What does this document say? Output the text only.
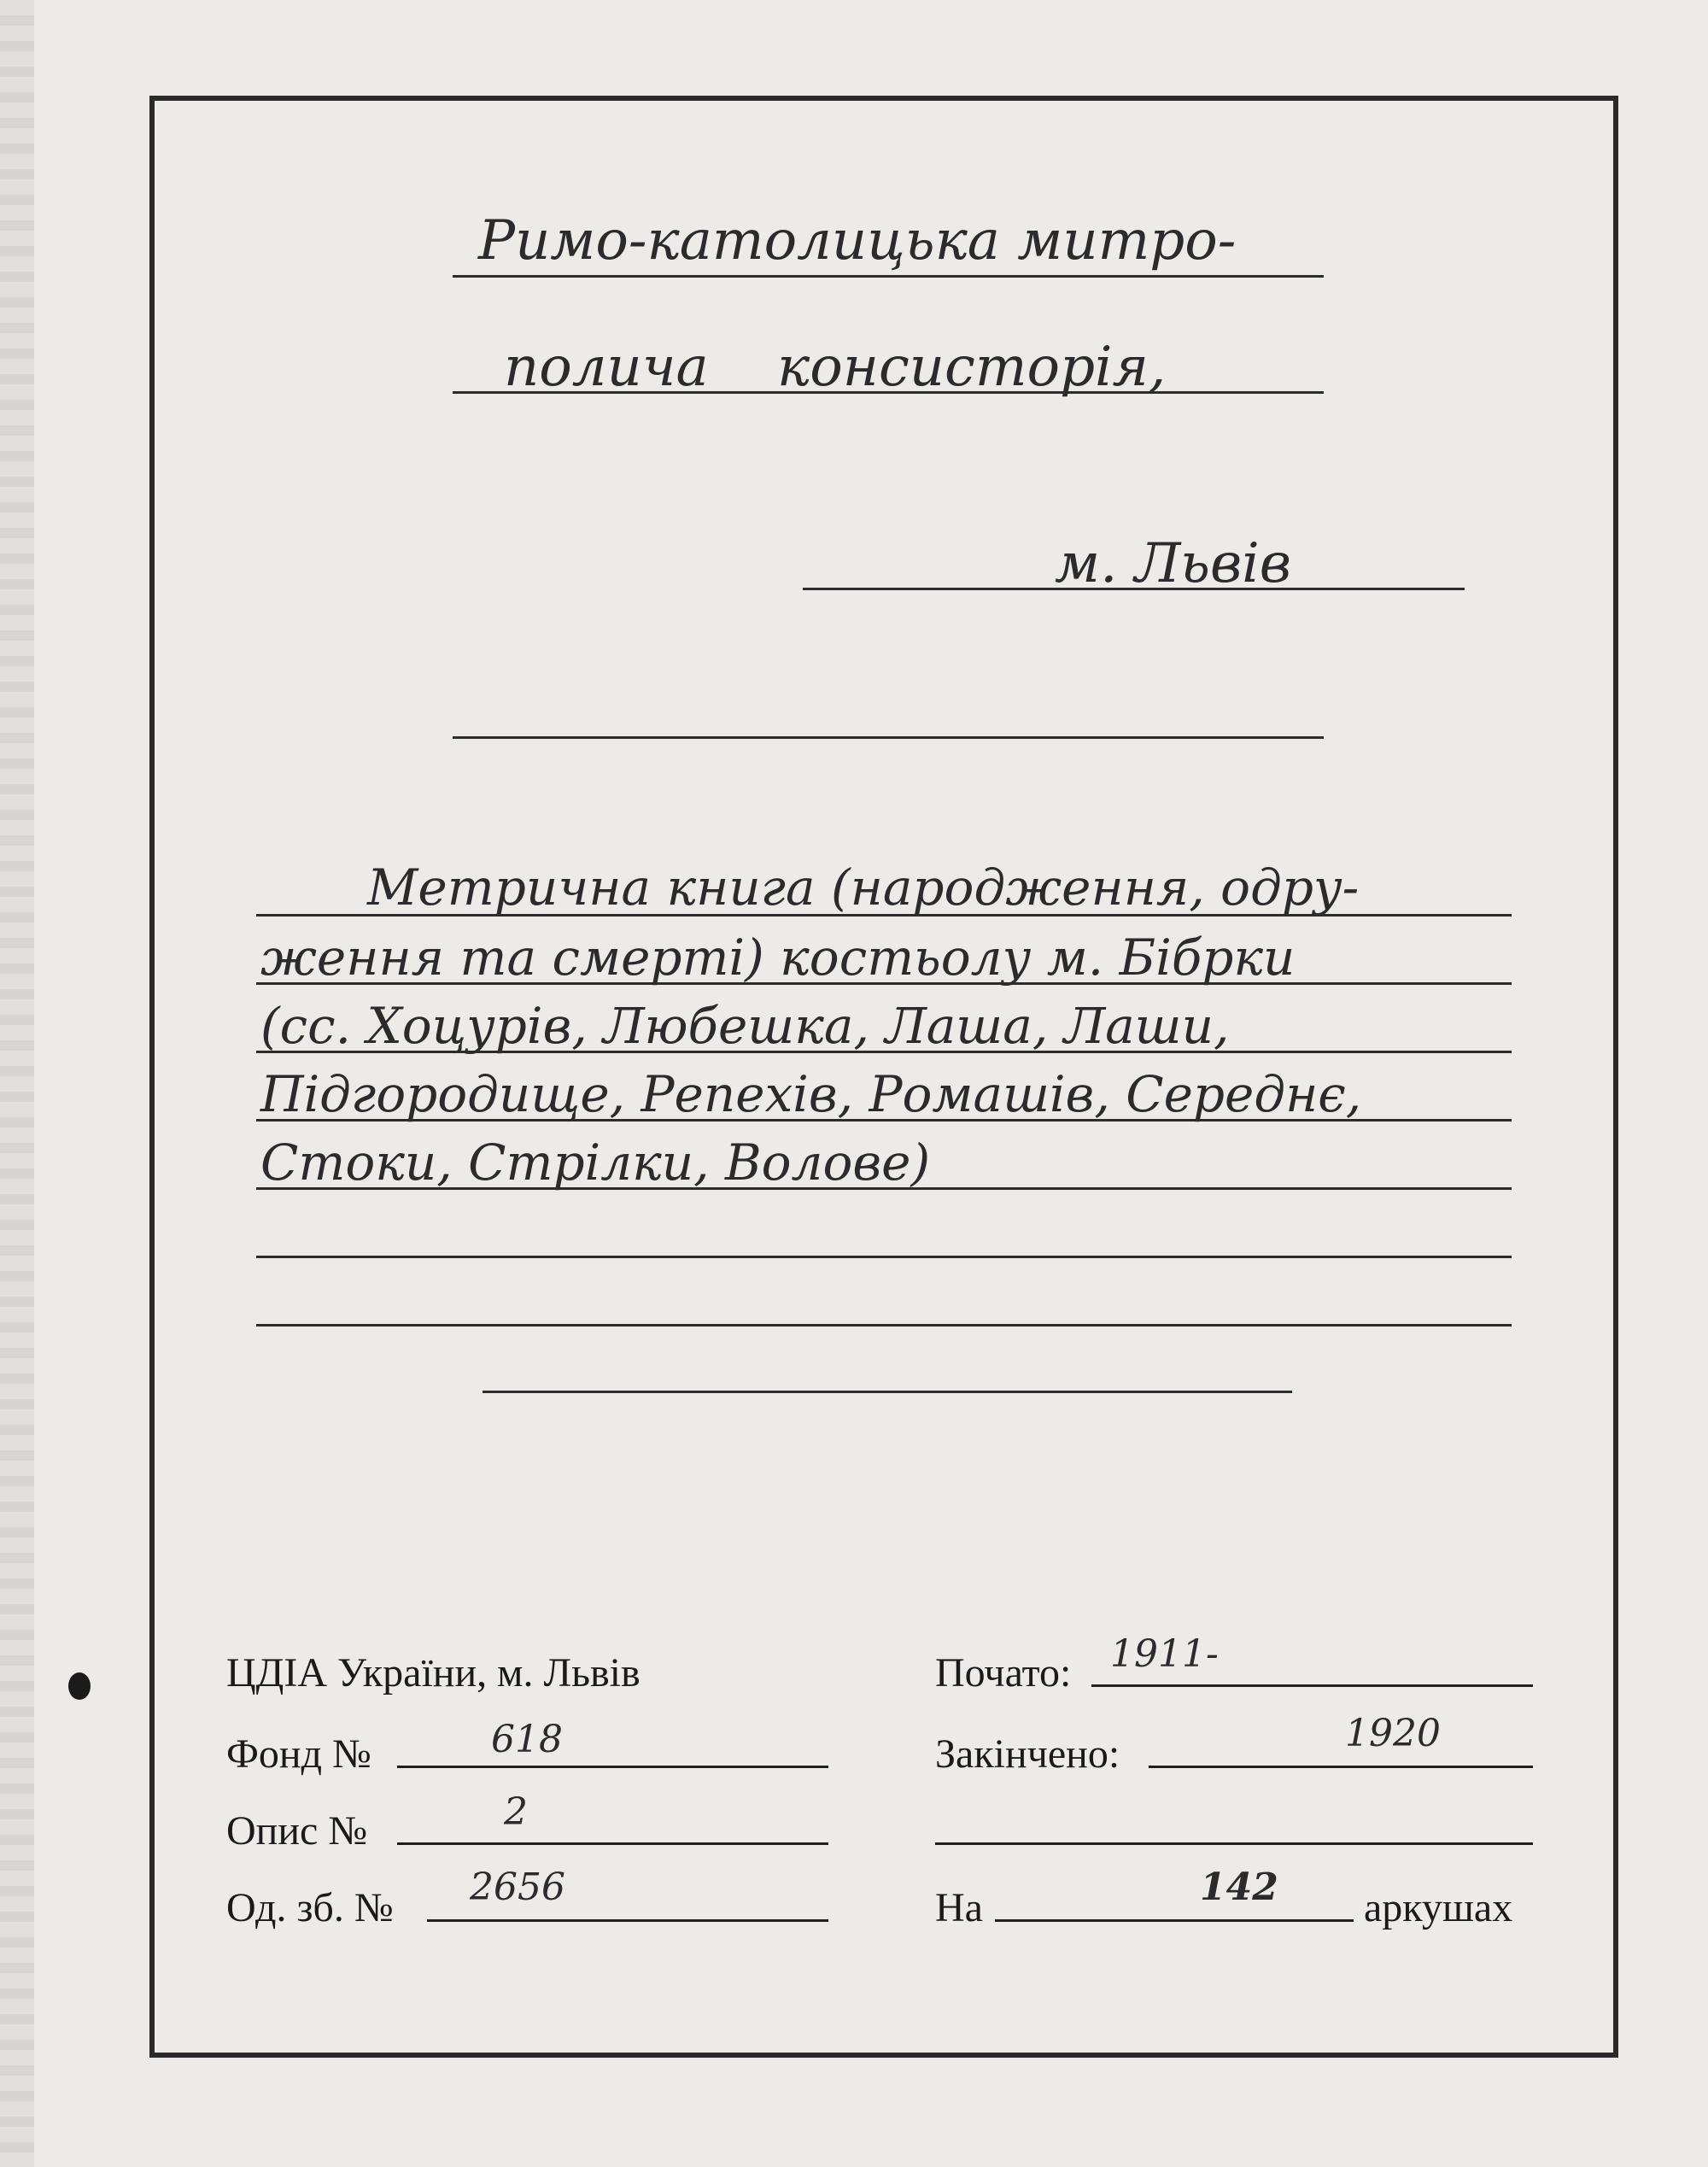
Римо-католицька митро-
полича консисторія,
м. Львів
Метрична книга (народження, одру-
ження та смерті) костьолу м. Бібрки
(сс. Хоцурів, Любешка, Лаша, Лаши,
Підгородище, Репехів, Ромашів, Середнє,
Стоки, Стрілки, Волове)
ЦДІА України, м. Львів
Фонд №	618
Опис №	2
Од. зб. № 2656
Почато: 1911-
Закінчено:	1920
На	142 аркушах
